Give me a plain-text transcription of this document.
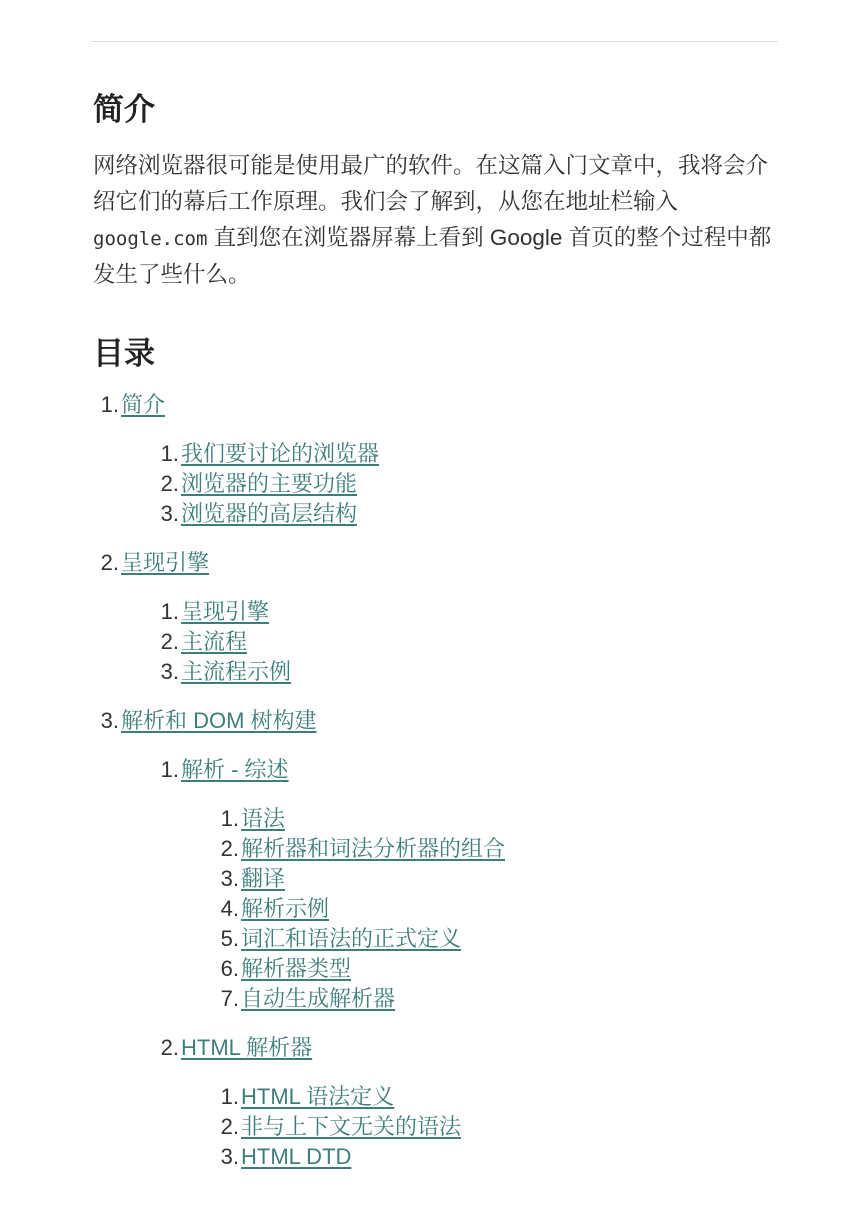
简介

网络浏览器很可能是使用最广的软件。在这篇入门文章中，我将会介绍它们的幕后工作原理。我们会了解到，从您在地址栏输入google.com 直到您在浏览器屏幕上看到 Google 首页的整个过程中都发生了些什么。

目录
1. 简介
1. 我们要讨论的浏览器
2. 浏览器的主要功能
3. 浏览器的高层结构
2. 呈现引擎
1. 呈现引擎
2. 主流程
3. 主流程示例
3. 解析和 DOM 树构建
1. 解析 - 综述
1. 语法
2. 解析器和词法分析器的组合
3. 翻译
4. 解析示例
5. 词汇和语法的正式定义
6. 解析器类型
7. 自动生成解析器
2. HTML 解析器
1. HTML 语法定义
2. 非与上下文无关的语法
3. HTML DTD
